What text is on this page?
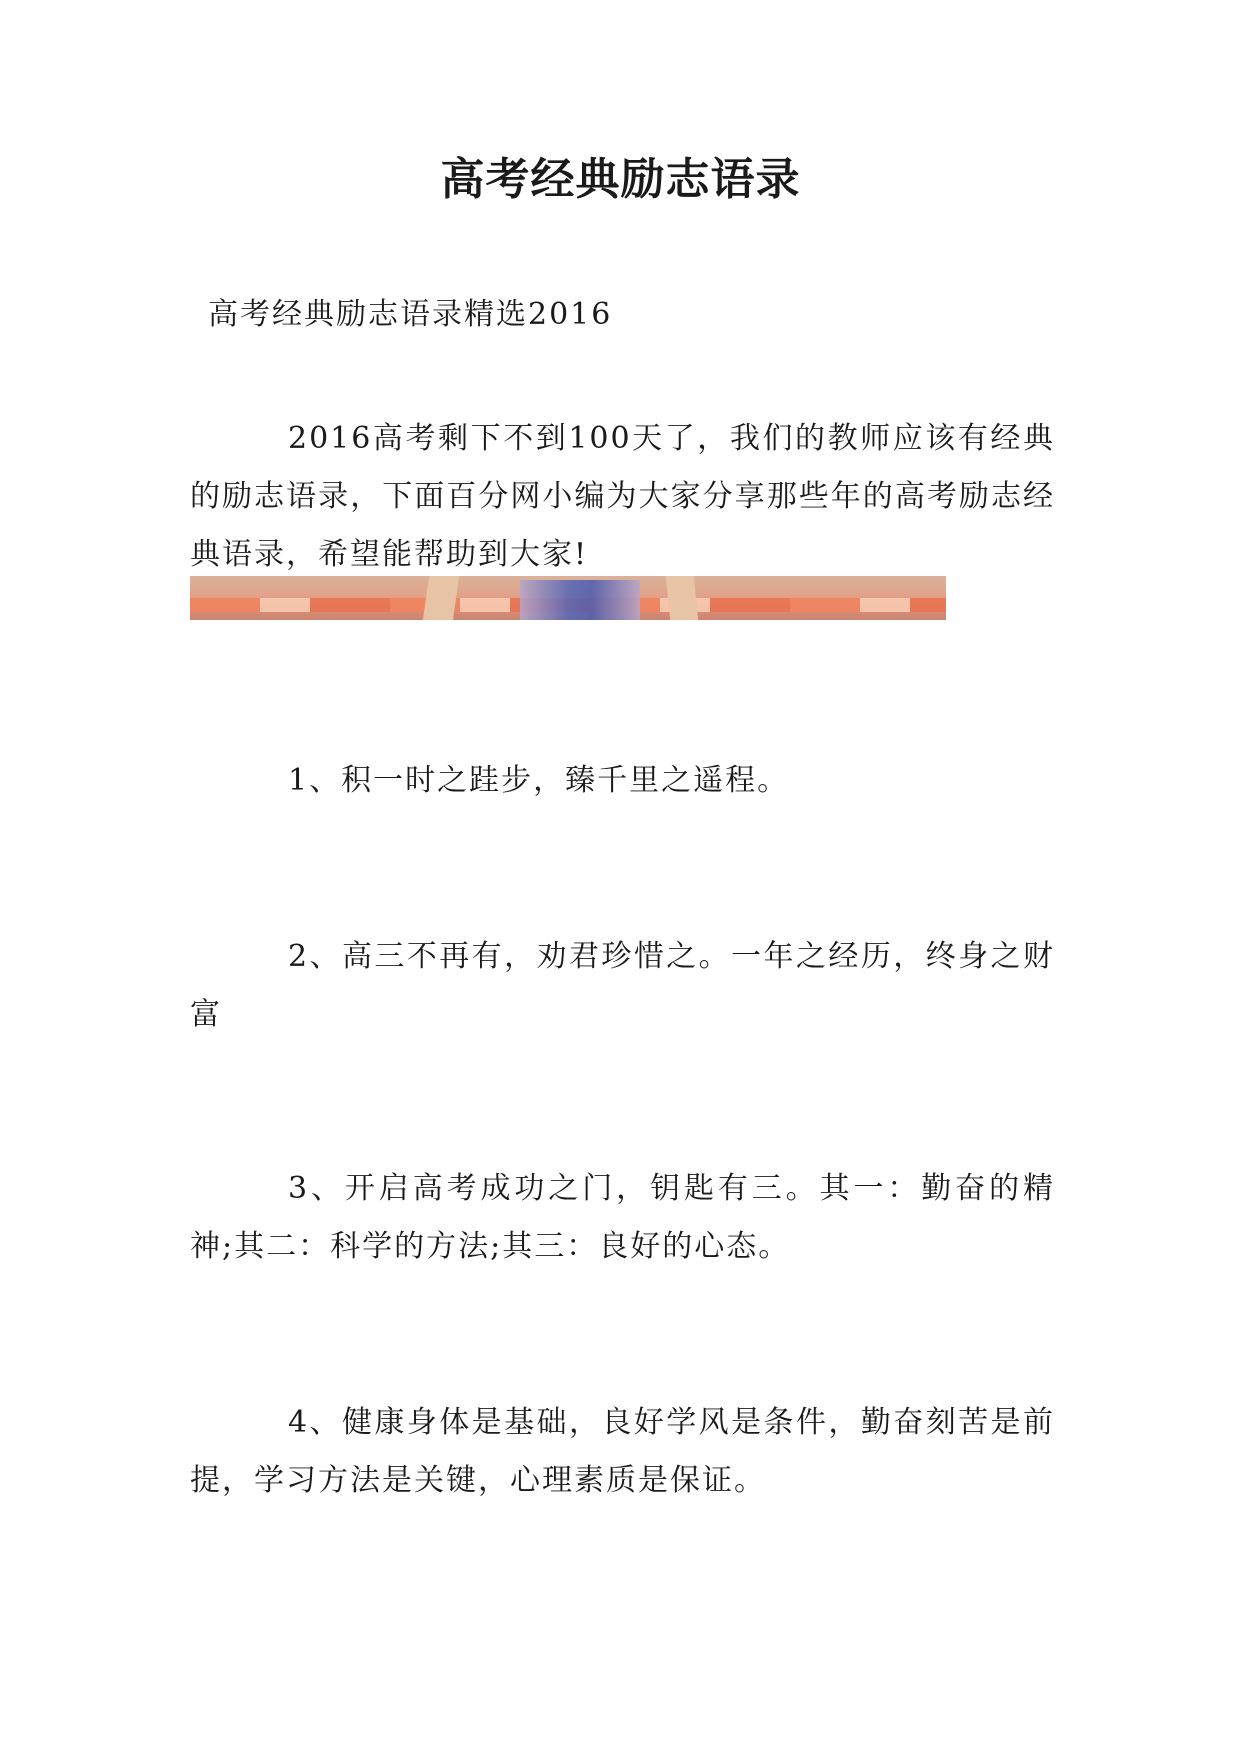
高考经典励志语录

高考经典励志语录精选2016

2016高考剩下不到100天了，我们的教师应该有经典的励志语录，下面百分网小编为大家分享那些年的高考励志经典语录，希望能帮助到大家!

1、积一时之跬步，臻千里之遥程。

2、高三不再有，劝君珍惜之。一年之经历，终身之财富

3、开启高考成功之门，钥匙有三。其一：勤奋的精神;其二：科学的方法;其三：良好的心态。

4、健康身体是基础，良好学风是条件，勤奋刻苦是前提，学习方法是关键，心理素质是保证。
